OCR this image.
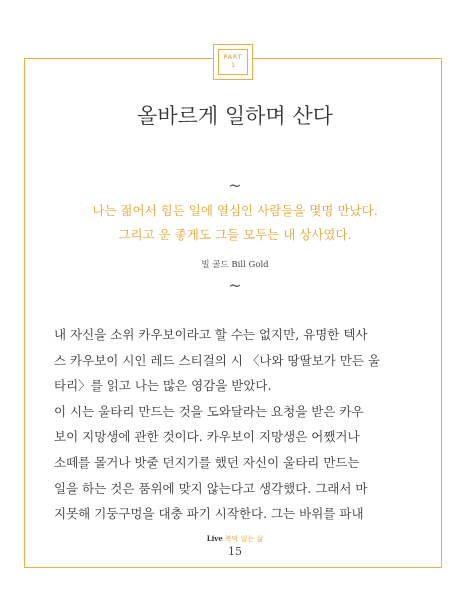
PART
1
올바르게 일하며 산다
~
나는 젊어서 힘든 일에 열심인 사람들을 몇명 만났다.
그리고 운 좋게도 그들 모두는 내 상사였다.
빌 골드 Bill Gold
~

내 자신을 소위 카우보이라고 할 수는 없지만, 유명한 텍사

스 카우보이 시인 레드 스티걸의 시 〈나와 땅딸보가 만든 울

타리〉를 읽고 나는 많은 영감을 받았다.

이 시는 울타리 만드는 것을 도와달라는 요청을 받은 카우

보이 지망생에 관한 것이다. 카우보이 지망생은 어쨌거나

소떼를 몰거나 밧줄 던지기를 했던 자신이 울타리 만드는

일을 하는 것은 품위에 맞지 않는다고 생각했다. 그래서 마

지못해 기둥구멍을 대충 파기 시작한다. 그는 바위를 파내

Live 복막 없는 삶
15
